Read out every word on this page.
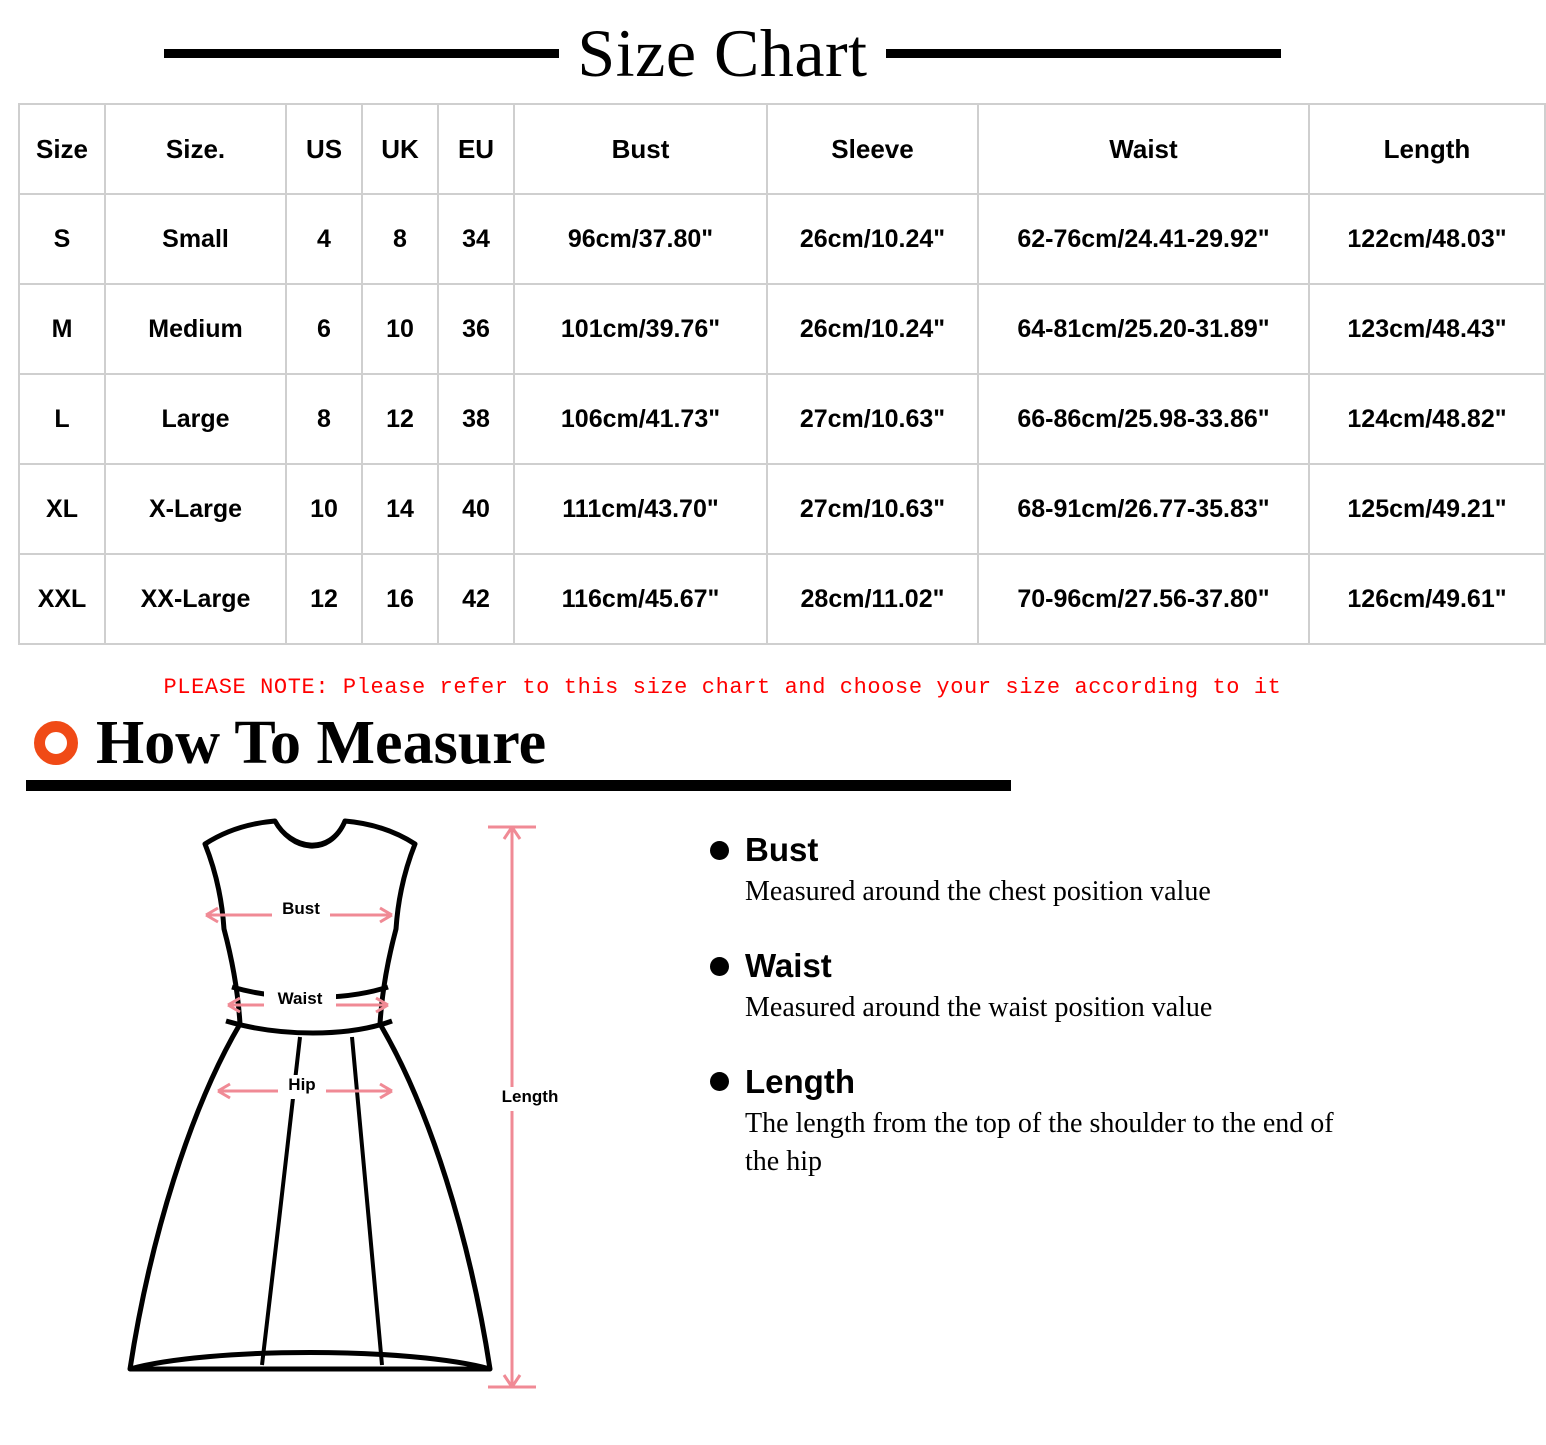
Size Chart
Size	Size.	US	UK	EU	Bust	Sleeve	Waist	Length
S	Small	4	8	34	96cm/37.80"	26cm/10.24"	62-76cm/24.41-29.92"	122cm/48.03"
M	Medium	6	10	36	101cm/39.76"	26cm/10.24"	64-81cm/25.20-31.89"	123cm/48.43"
L	Large	8	12	38	106cm/41.73"	27cm/10.63"	66-86cm/25.98-33.86"	124cm/48.82"
XL	X-Large	10	14	40	111cm/43.70"	27cm/10.63"	68-91cm/26.77-35.83"	125cm/49.21"
XXL	XX-Large	12	16	42	116cm/45.67"	28cm/11.02"	70-96cm/27.56-37.80"	126cm/49.61"
PLEASE NOTE: Please refer to this size chart and choose your size according to it
How To Measure
Bust
Waist
Hip
Length
Bust
Measured around the chest position value
Waist
Measured around the waist position value
Length
The length from the top of the shoulder to the end of the hip
